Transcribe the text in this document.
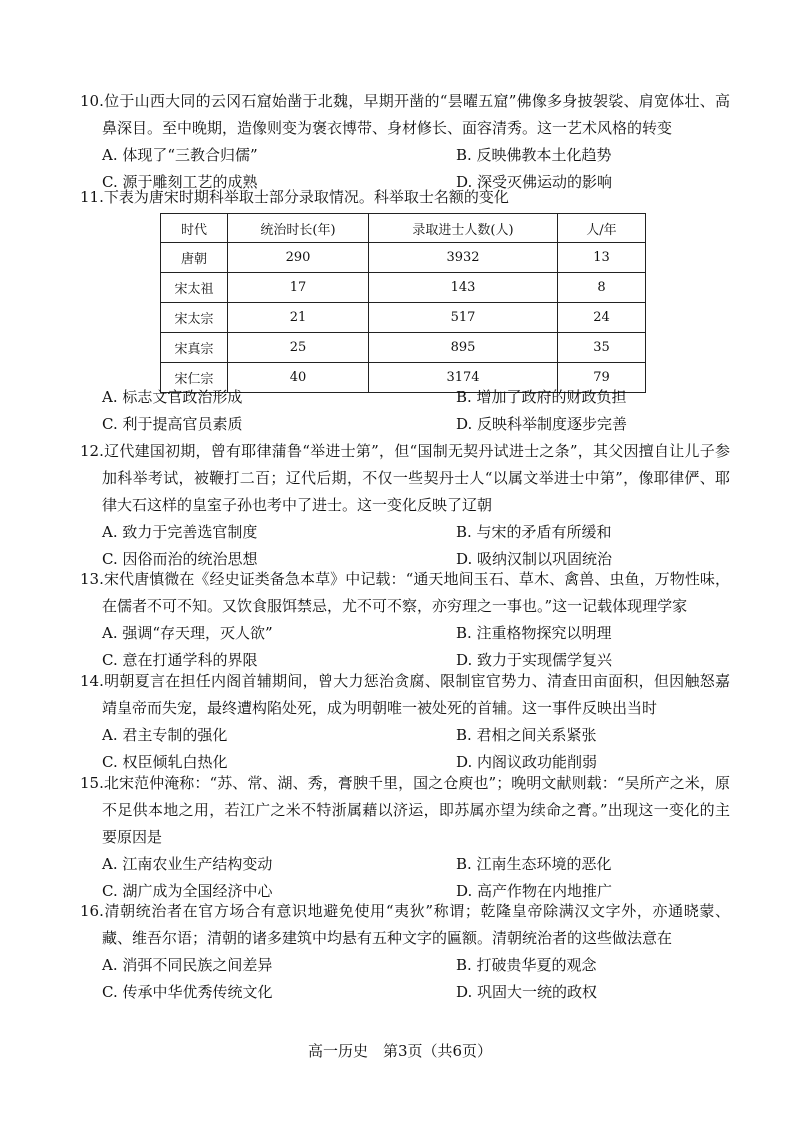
10.位于山西大同的云冈石窟始凿于北魏，早期开凿的“昙曜五窟”佛像多身披袈裟、肩宽体壮、高鼻深目。至中晚期，造像则变为褒衣博带、身材修长、面容清秀。这一艺术风格的转变
A. 体现了“三教合归儒”	B. 反映佛教本土化趋势
C. 源于雕刻工艺的成熟	D. 深受灭佛运动的影响
11.下表为唐宋时期科举取士部分录取情况。科举取士名额的变化
时代	统治时长(年)	录取进士人数(人)	人/年
唐朝	290	3932	13
宋太祖	17	143	8
宋太宗	21	517	24
宋真宗	25	895	35
宋仁宗	40	3174	79
A. 标志文官政治形成	B. 增加了政府的财政负担
C. 利于提高官员素质	D. 反映科举制度逐步完善
12.辽代建国初期，曾有耶律蒲鲁“举进士第”，但“国制无契丹试进士之条”，其父因擅自让儿子参加科举考试，被鞭打二百；辽代后期，不仅一些契丹士人“以属文举进士中第”，像耶律俨、耶律大石这样的皇室子孙也考中了进士。这一变化反映了辽朝
A. 致力于完善选官制度	B. 与宋的矛盾有所缓和
C. 因俗而治的统治思想	D. 吸纳汉制以巩固统治
13.宋代唐慎微在《经史证类备急本草》中记载：“通天地间玉石、草木、禽兽、虫鱼，万物性味，在儒者不可不知。又饮食服饵禁忌，尤不可不察，亦穷理之一事也。”这一记载体现理学家
A. 强调“存天理，灭人欲”	B. 注重格物探究以明理
C. 意在打通学科的界限	D. 致力于实现儒学复兴
14.明朝夏言在担任内阁首辅期间，曾大力惩治贪腐、限制宦官势力、清查田亩面积，但因触怒嘉靖皇帝而失宠，最终遭构陷处死，成为明朝唯一被处死的首辅。这一事件反映出当时
A. 君主专制的强化	B. 君相之间关系紧张
C. 权臣倾轧白热化	D. 内阁议政功能削弱
15.北宋范仲淹称：“苏、常、湖、秀，膏腴千里，国之仓庾也”；晚明文献则载：“吴所产之米，原不足供本地之用，若江广之米不特浙属藉以济运，即苏属亦望为续命之膏。”出现这一变化的主要原因是
A. 江南农业生产结构变动	B. 江南生态环境的恶化
C. 湖广成为全国经济中心	D. 高产作物在内地推广
16.清朝统治者在官方场合有意识地避免使用“夷狄”称谓；乾隆皇帝除满汉文字外，亦通晓蒙、藏、维吾尔语；清朝的诸多建筑中均悬有五种文字的匾额。清朝统治者的这些做法意在
A. 消弭不同民族之间差异	B. 打破贵华夏的观念
C. 传承中华优秀传统文化	D. 巩固大一统的政权
高一历史　第3页（共6页）
